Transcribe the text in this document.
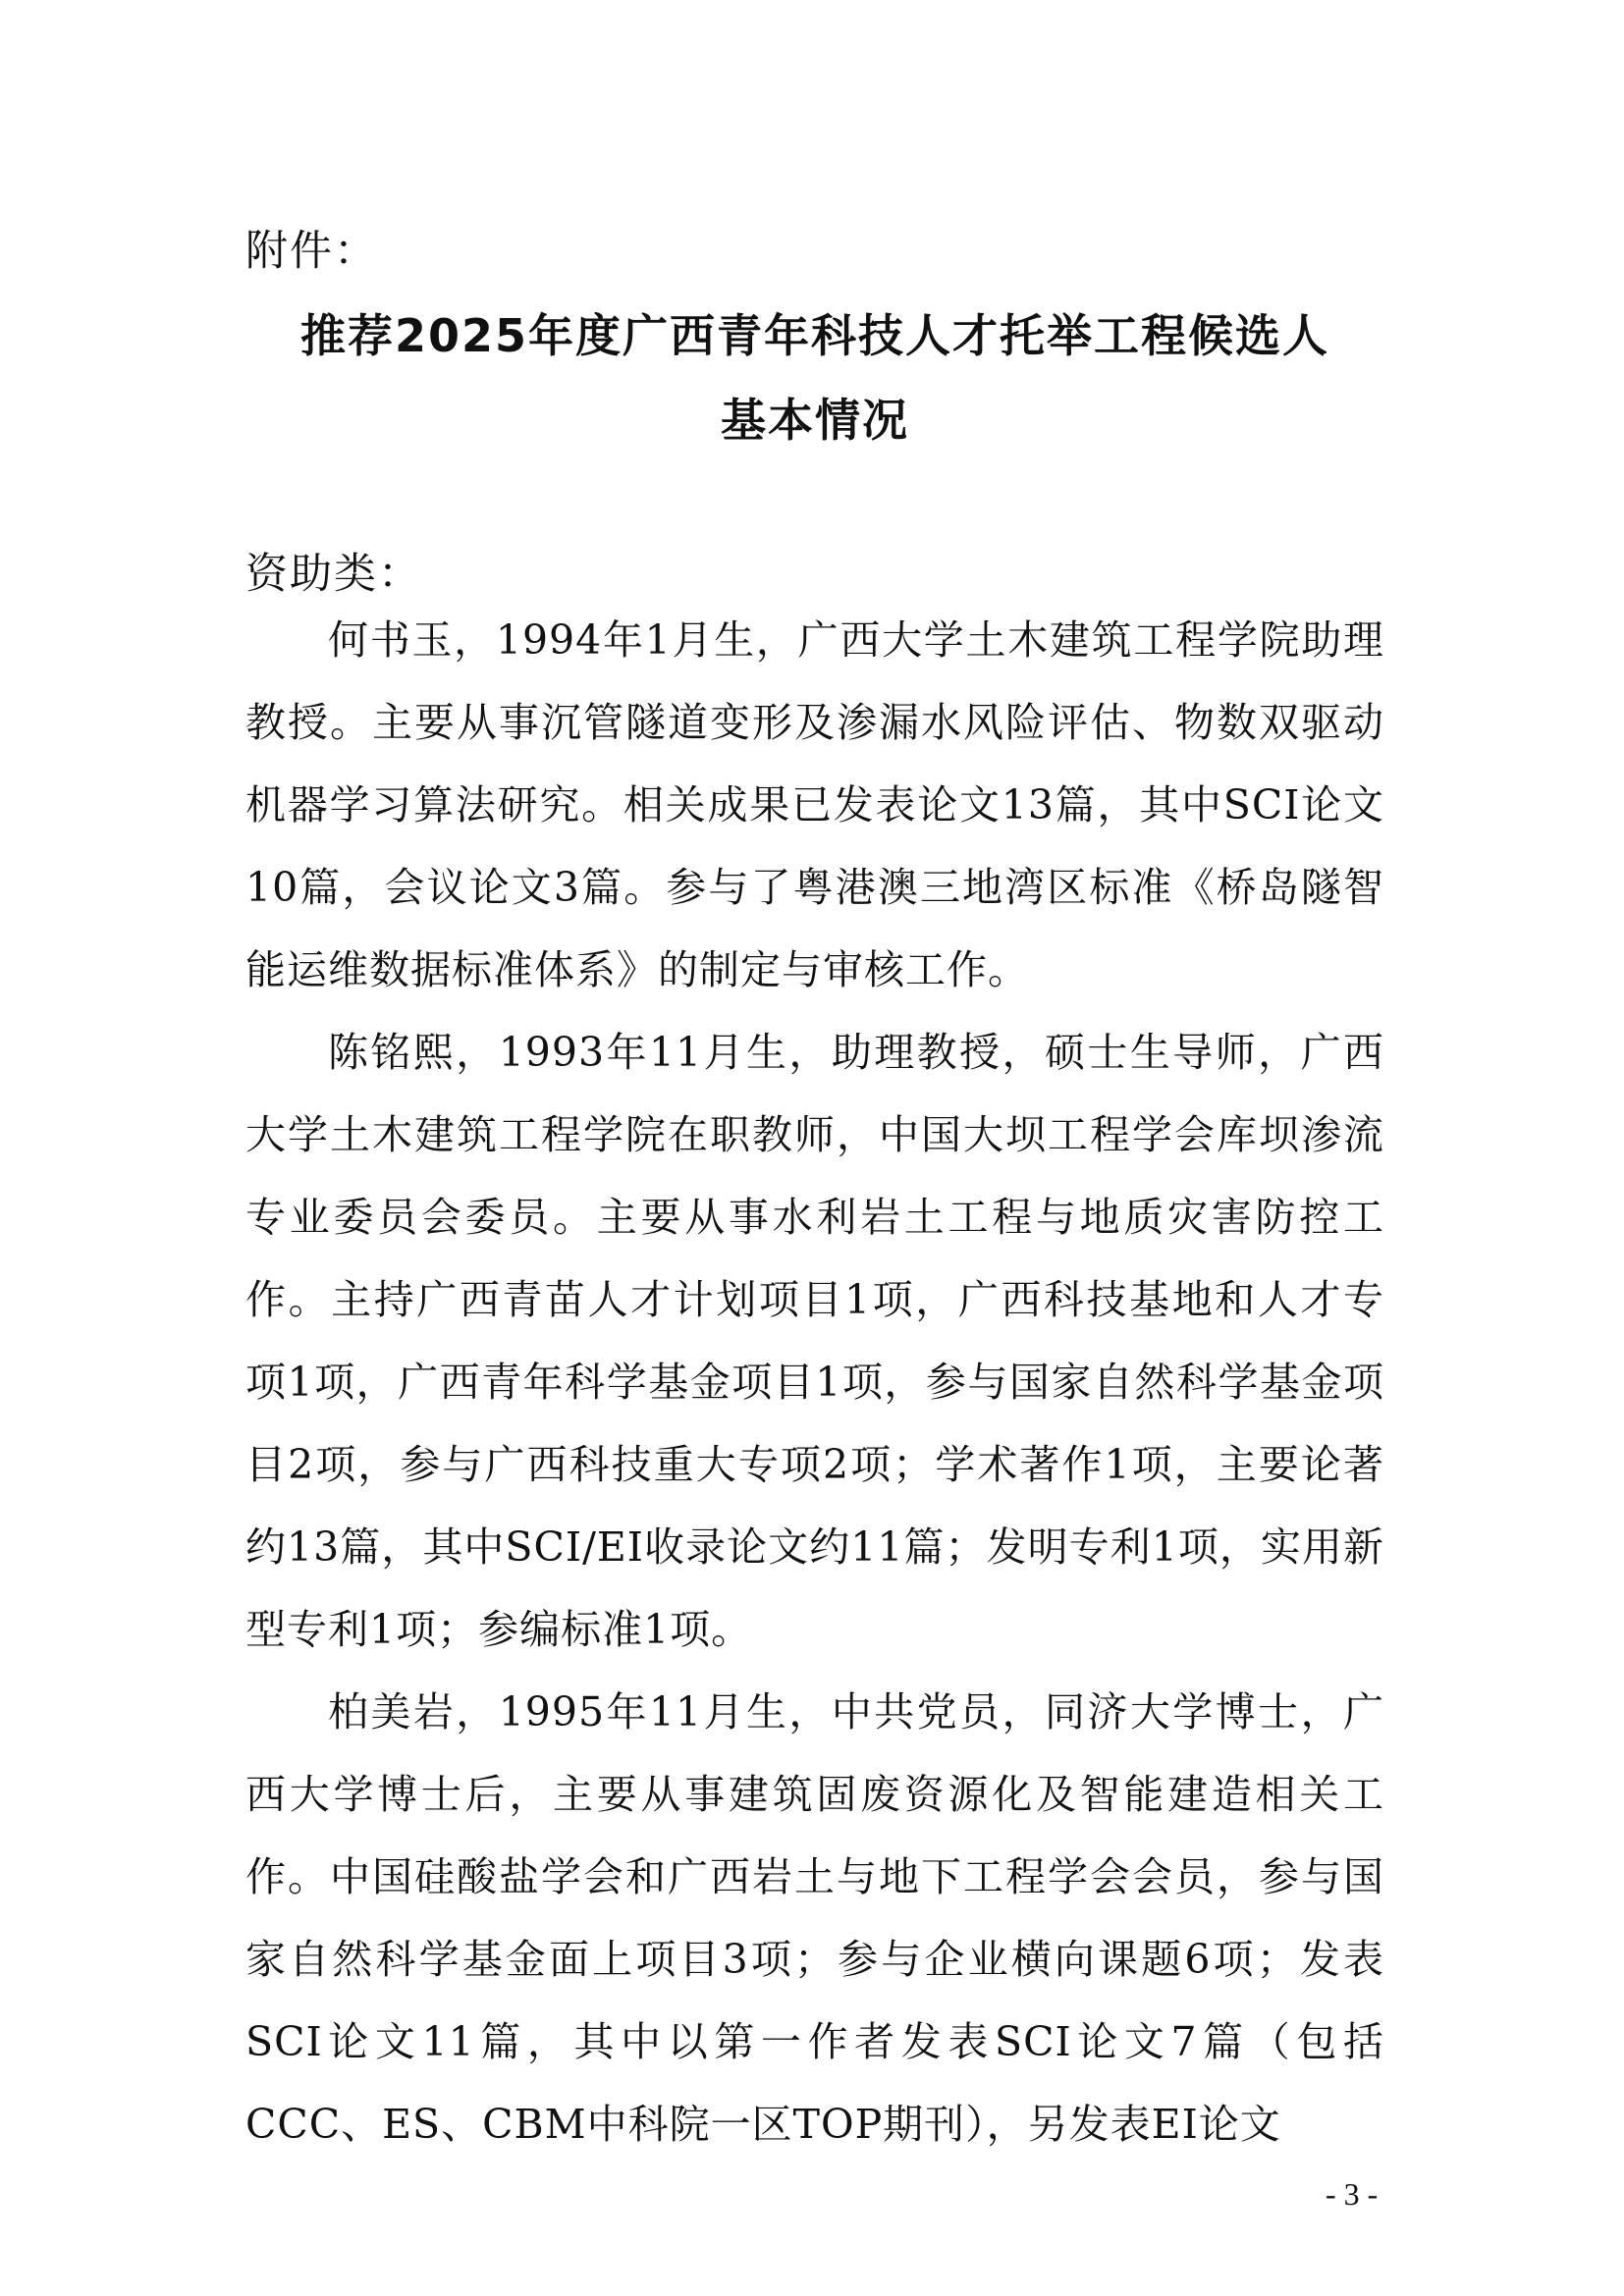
附件：
推荐2025年度广西青年科技人才托举工程候选人
基本情况
资助类：

何书玉，1994年1月生，广西大学土木建筑工程学院助理教授。主要从事沉管隧道变形及渗漏水风险评估、物数双驱动机器学习算法研究。相关成果已发表论文13篇，其中SCI论文10篇，会议论文3篇。参与了粤港澳三地湾区标准《桥岛隧智能运维数据标准体系》的制定与审核工作。

陈铭熙，1993年11月生，助理教授，硕士生导师，广西大学土木建筑工程学院在职教师，中国大坝工程学会库坝渗流专业委员会委员。主要从事水利岩土工程与地质灾害防控工作。主持广西青苗人才计划项目1项，广西科技基地和人才专项1项，广西青年科学基金项目1项，参与国家自然科学基金项目2项，参与广西科技重大专项2项；学术著作1项，主要论著约13篇，其中SCI/EI收录论文约11篇；发明专利1项，实用新型专利1项；参编标准1项。

柏美岩，1995年11月生，中共党员，同济大学博士，广西大学博士后，主要从事建筑固废资源化及智能建造相关工作。中国硅酸盐学会和广西岩土与地下工程学会会员，参与国家自然科学基金面上项目3项；参与企业横向课题6项；发表SCI论文11篇，其中以第一作者发表SCI论文7篇（包括CCC、ES、CBM中科院一区TOP期刊），另发表EI论文

- 3 -
